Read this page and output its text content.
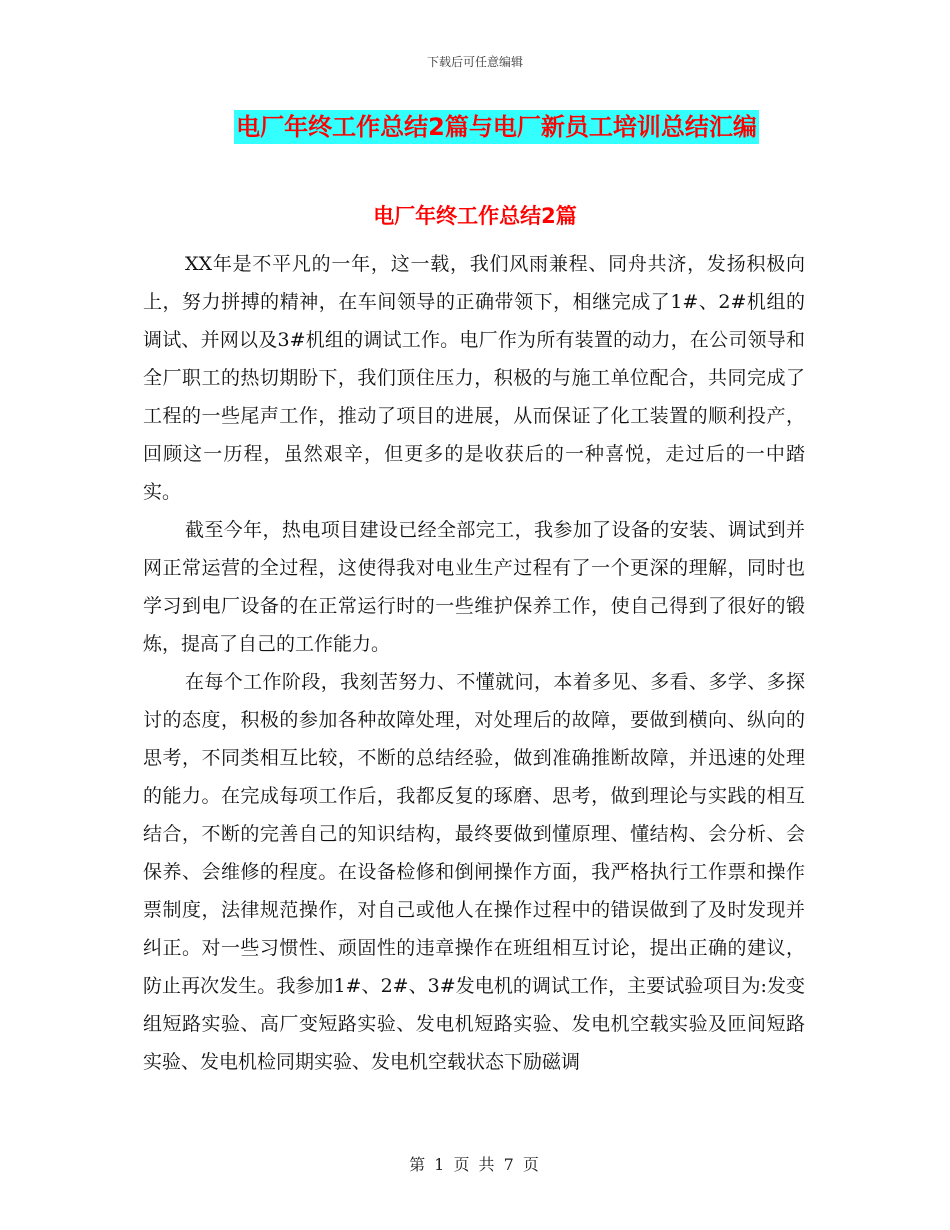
下载后可任意编辑
电厂年终工作总结2篇与电厂新员工培训总结汇编
电厂年终工作总结2篇

XX年是不平凡的一年，这一载，我们风雨兼程、同舟共济，发扬积极向上，努力拼搏的精神，在车间领导的正确带领下，相继完成了1#、2#机组的调试、并网以及3#机组的调试工作。电厂作为所有装置的动力，在公司领导和全厂职工的热切期盼下，我们顶住压力，积极的与施工单位配合，共同完成了工程的一些尾声工作，推动了项目的进展，从而保证了化工装置的顺利投产，回顾这一历程，虽然艰辛，但更多的是收获后的一种喜悦，走过后的一中踏实。

截至今年，热电项目建设已经全部完工，我参加了设备的安装、调试到并网正常运营的全过程，这使得我对电业生产过程有了一个更深的理解，同时也学习到电厂设备的在正常运行时的一些维护保养工作，使自己得到了很好的锻炼，提高了自己的工作能力。

在每个工作阶段，我刻苦努力、不懂就问，本着多见、多看、多学、多探讨的态度，积极的参加各种故障处理，对处理后的故障，要做到横向、纵向的思考，不同类相互比较，不断的总结经验，做到准确推断故障，并迅速的处理的能力。在完成每项工作后，我都反复的琢磨、思考，做到理论与实践的相互结合，不断的完善自己的知识结构，最终要做到懂原理、懂结构、会分析、会保养、会维修的程度。在设备检修和倒闸操作方面，我严格执行工作票和操作票制度，法律规范操作，对自己或他人在操作过程中的错误做到了及时发现并纠正。对一些习惯性、顽固性的违章操作在班组相互讨论，提出正确的建议，防止再次发生。我参加1#、2#、3#发电机的调试工作，主要试验项目为:发变组短路实验、高厂变短路实验、发电机短路实验、发电机空载实验及匝间短路实验、发电机检同期实验、发电机空载状态下励磁调

第 1 页 共 7 页
